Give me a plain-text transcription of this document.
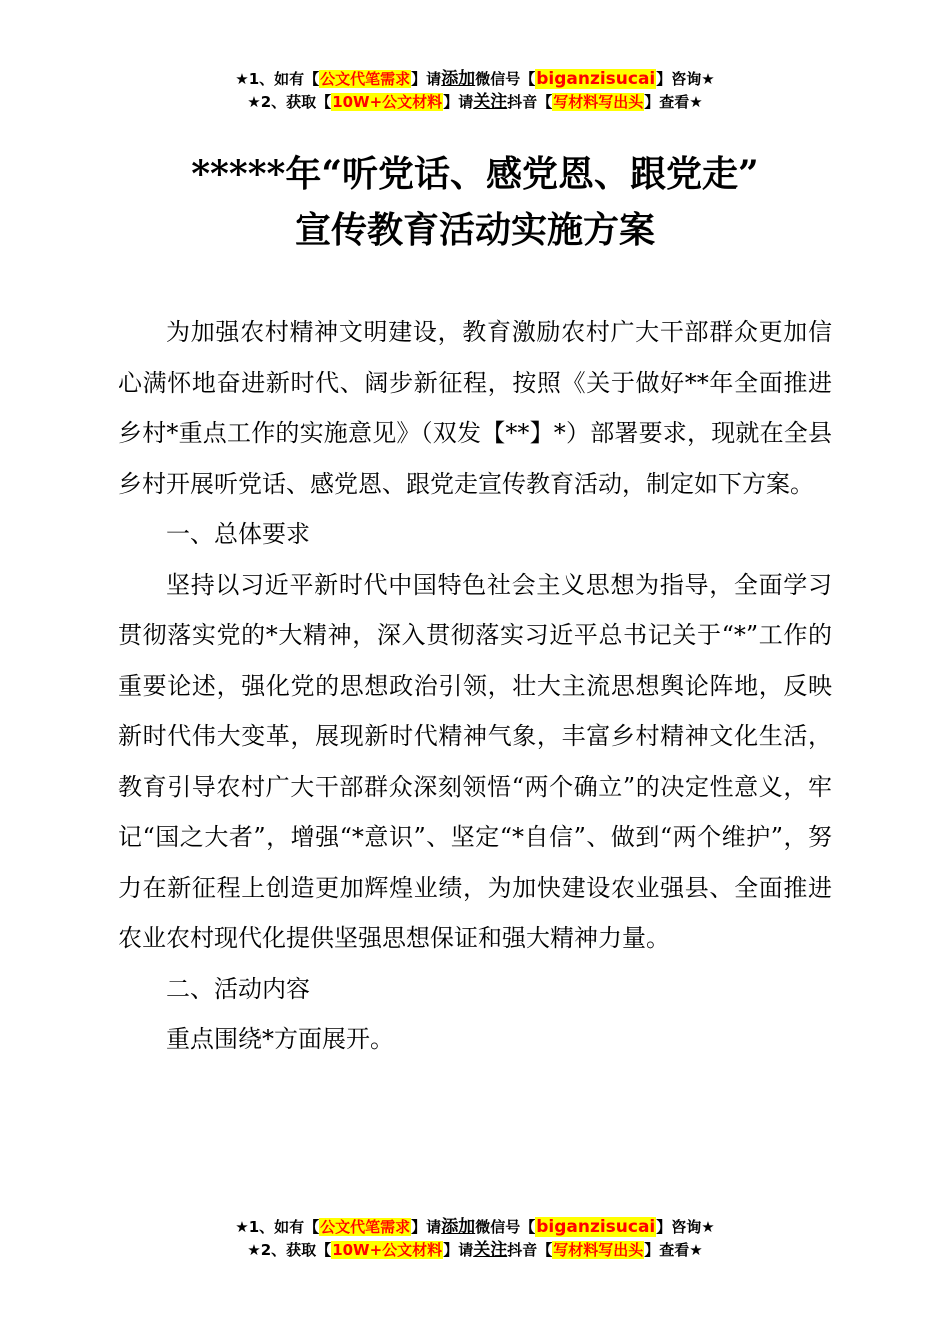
★1、如有【公文代笔需求】请添加微信号【biganzisucai】咨询★
★2、获取【10W+公文材料】请关注抖音【写材料写出头】查看★
*****年“听党话、感党恩、跟党走”
宣传教育活动实施方案

为加强农村精神文明建设，教育激励农村广大干部群众更加信心满怀地奋进新时代、阔步新征程，按照《关于做好**年全面推进乡村*重点工作的实施意见》（双发【**】*）部署要求，现就在全县乡村开展听党话、感党恩、跟党走宣传教育活动，制定如下方案。

一、总体要求

坚持以习近平新时代中国特色社会主义思想为指导，全面学习贯彻落实党的*大精神，深入贯彻落实习近平总书记关于“*”工作的重要论述，强化党的思想政治引领，壮大主流思想舆论阵地，反映新时代伟大变革，展现新时代精神气象，丰富乡村精神文化生活，教育引导农村广大干部群众深刻领悟“两个确立”的决定性意义，牢记“国之大者”，增强“*意识”、坚定“*自信”、做到“两个维护”，努力在新征程上创造更加辉煌业绩，为加快建设农业强县、全面推进农业农村现代化提供坚强思想保证和强大精神力量。

二、活动内容

重点围绕*方面展开。

★1、如有【公文代笔需求】请添加微信号【biganzisucai】咨询★
★2、获取【10W+公文材料】请关注抖音【写材料写出头】查看★
